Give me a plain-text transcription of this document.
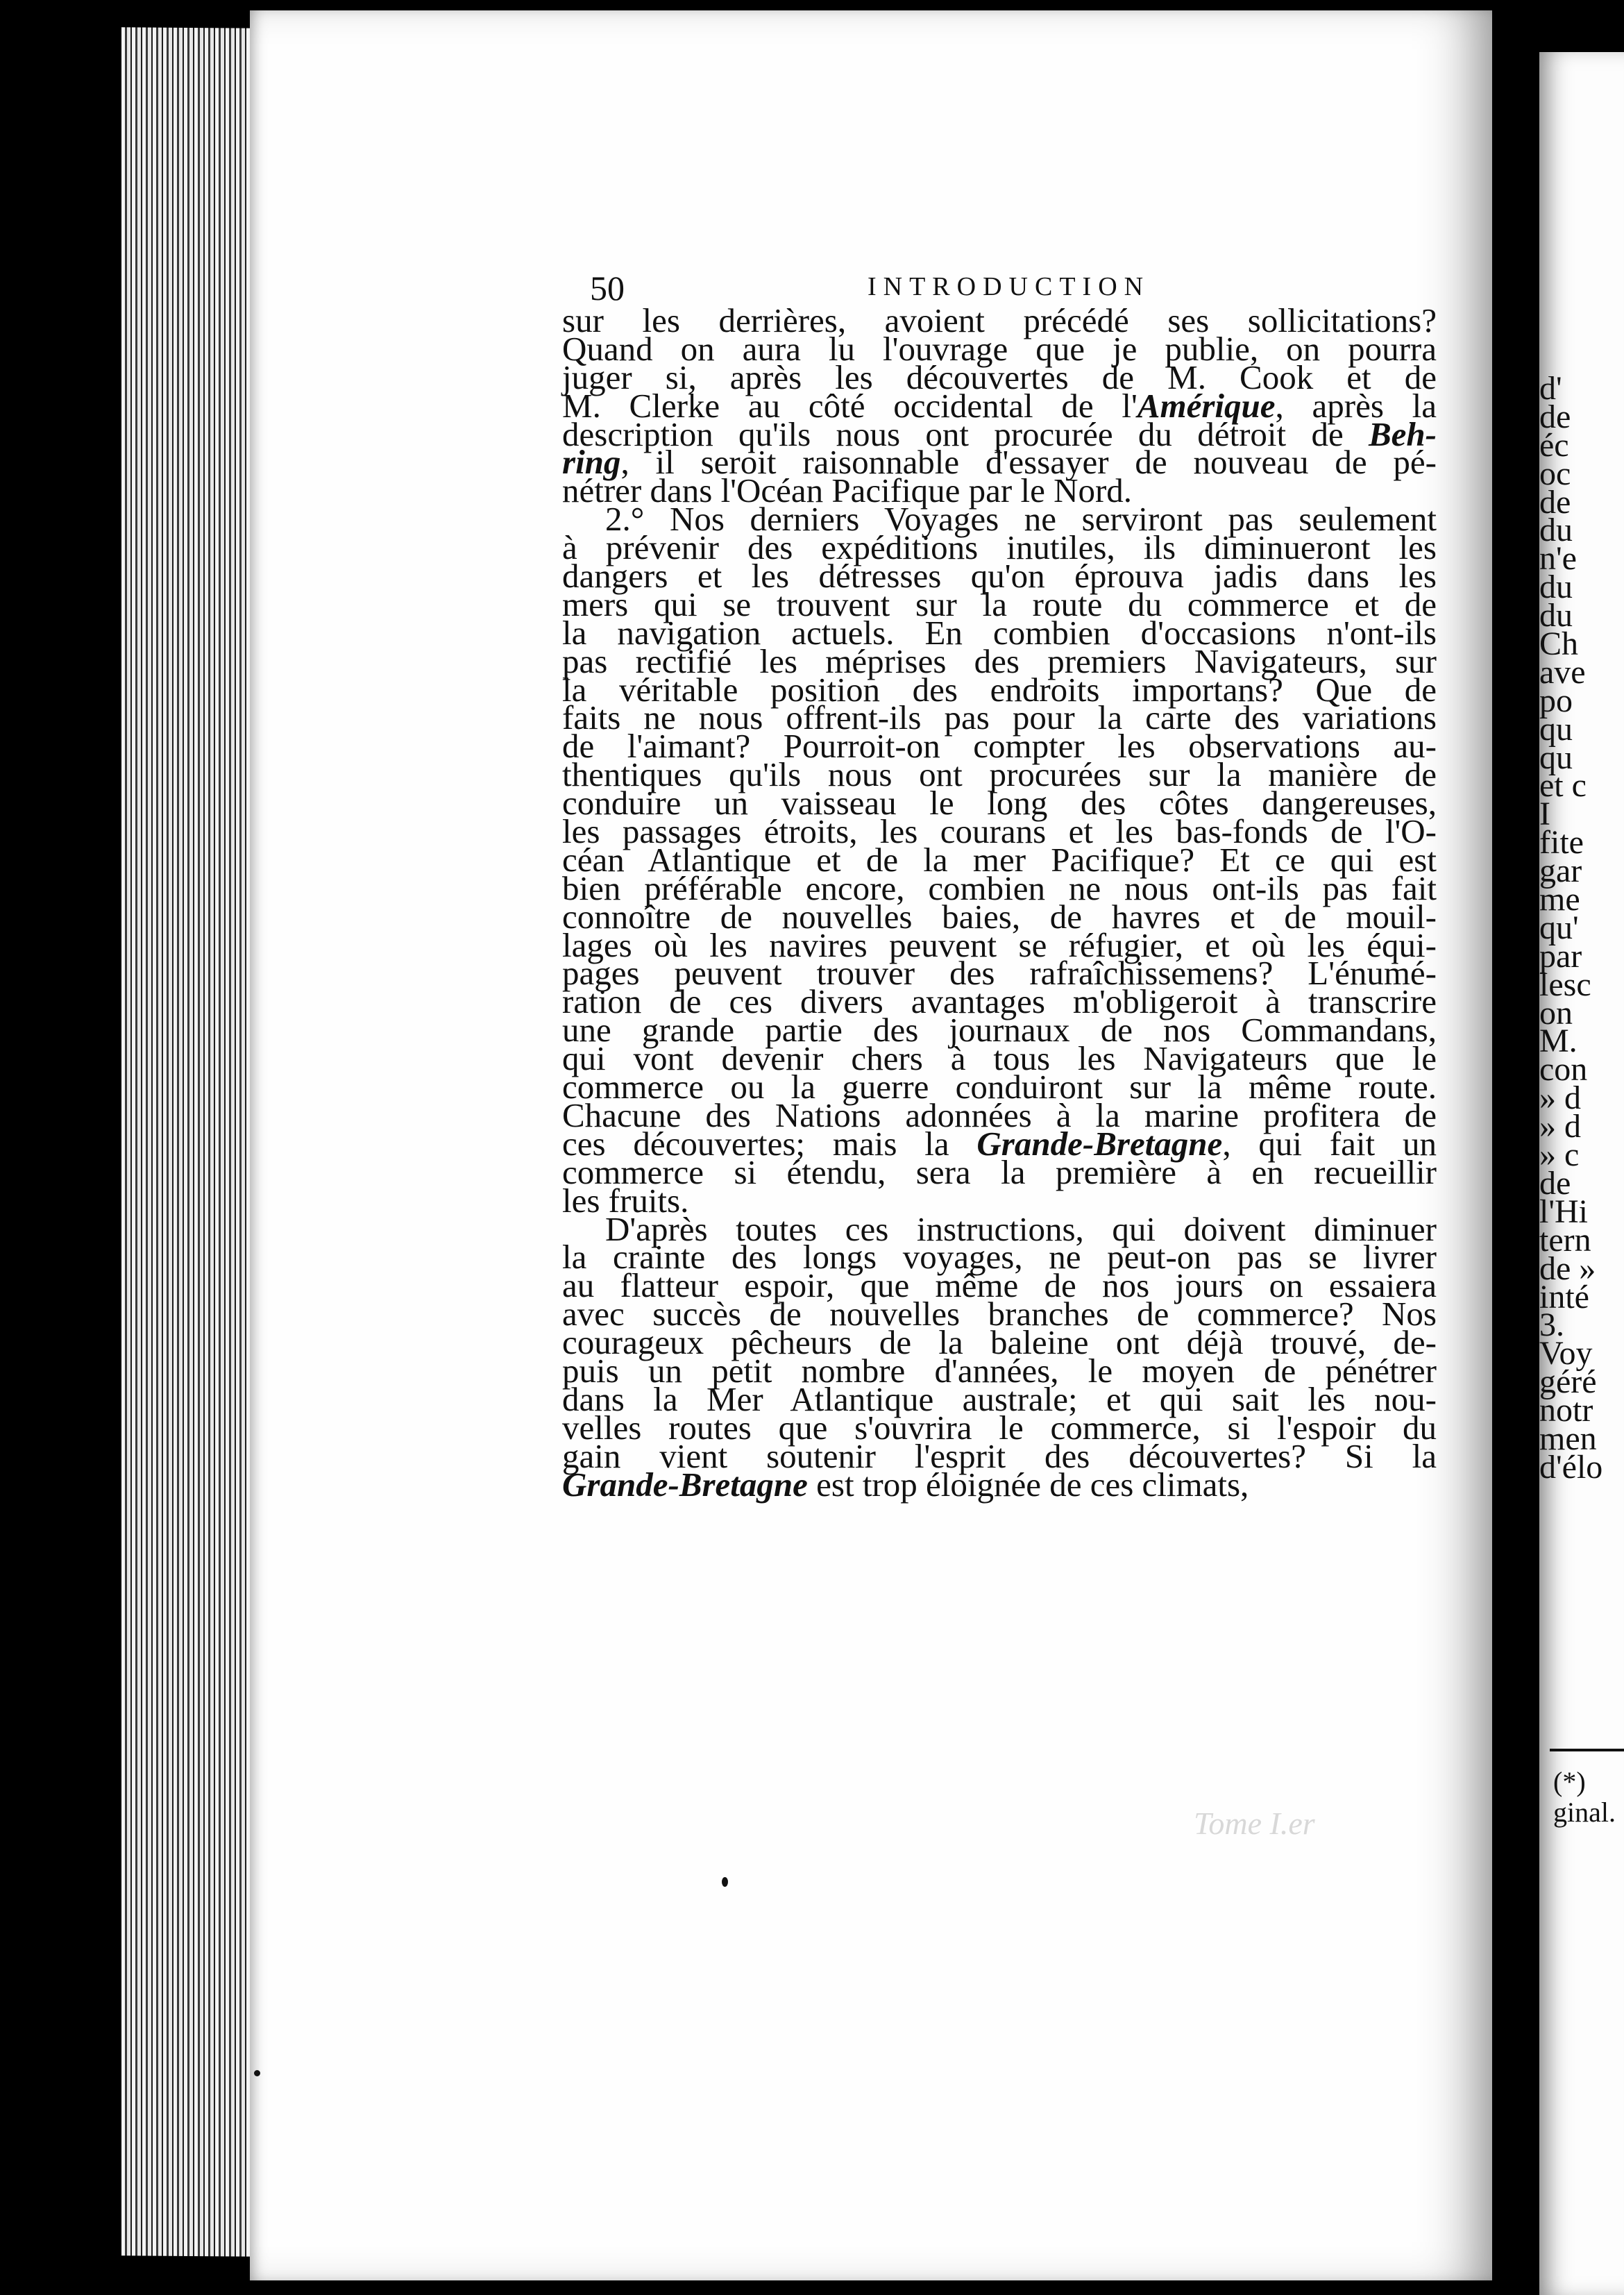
50	INTRODUCTION
sur les derrières, avoient précédé ses sollicitations?
Quand on aura lu l'ouvrage que je publie, on pourra
juger si, après les découvertes de M. Cook et de
M. Clerke au côté occidental de l'Amérique, après la
description qu'ils nous ont procurée du détroit de Beh-
ring, il seroit raisonnable d'essayer de nouveau de pé-
nétrer dans l'Océan Pacifique par le Nord.
2.° Nos derniers Voyages ne serviront pas seulement
à prévenir des expéditions inutiles, ils diminueront les
dangers et les détresses qu'on éprouva jadis dans les
mers qui se trouvent sur la route du commerce et de
la navigation actuels. En combien d'occasions n'ont-ils
pas rectifié les méprises des premiers Navigateurs, sur
la véritable position des endroits importans? Que de
faits ne nous offrent-ils pas pour la carte des variations
de l'aimant? Pourroit-on compter les observations au-
thentiques qu'ils nous ont procurées sur la manière de
conduire un vaisseau le long des côtes dangereuses,
les passages étroits, les courans et les bas-fonds de l'O-
céan Atlantique et de la mer Pacifique? Et ce qui est
bien préférable encore, combien ne nous ont-ils pas fait
connoître de nouvelles baies, de havres et de mouil-
lages où les navires peuvent se réfugier, et où les équi-
pages peuvent trouver des rafraîchissemens? L'énumé-
ration de ces divers avantages m'obligeroit à transcrire
une grande partie des journaux de nos Commandans,
qui vont devenir chers à tous les Navigateurs que le
commerce ou la guerre conduiront sur la même route.
Chacune des Nations adonnées à la marine profitera de
ces découvertes; mais la Grande-Bretagne, qui fait un
commerce si étendu, sera la première à en recueillir
les fruits.
D'après toutes ces instructions, qui doivent diminuer
la crainte des longs voyages, ne peut-on pas se livrer
au flatteur espoir, que même de nos jours on essaiera
avec succès de nouvelles branches de commerce? Nos
courageux pêcheurs de la baleine ont déjà trouvé, de-
puis un petit nombre d'années, le moyen de pénétrer
dans la Mer Atlantique australe; et qui sait les nou-
velles routes que s'ouvrira le commerce, si l'espoir du
gain vient soutenir l'esprit des découvertes? Si la
Grande-Bretagne est trop éloignée de ces climats,
Tome I.er
d'
de
éc
oc
de
du
n'e
du
du
Ch
ave
po
qu
qu
et c
I
fite
gar
me
qu'
par
lesc
on
M.
con
» d
» d
» c
de
l'Hi
tern
de »
inté
3.
Voy
géré
notr
men
d'élo
(*)
ginal.
